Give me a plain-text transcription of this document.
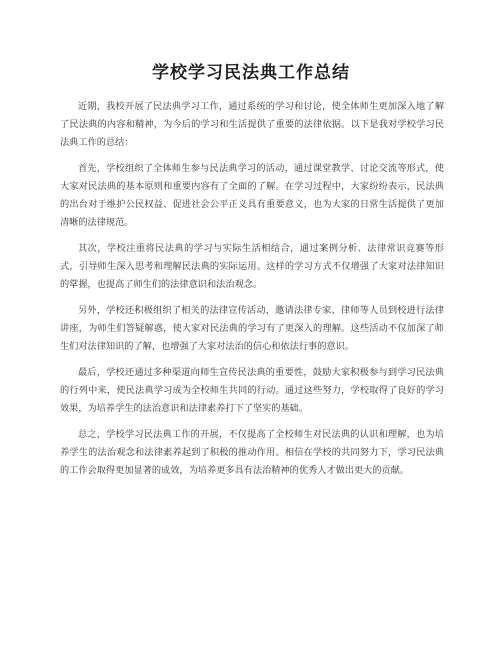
学校学习民法典工作总结

近期，我校开展了民法典学习工作，通过系统的学习和讨论，使全体师生更加深入地了解了民法典的内容和精神，为今后的学习和生活提供了重要的法律依据。以下是我对学校学习民法典工作的总结：

首先，学校组织了全体师生参与民法典学习的活动，通过课堂教学、讨论交流等形式，使大家对民法典的基本原则和重要内容有了全面的了解。在学习过程中，大家纷纷表示，民法典的出台对于维护公民权益、促进社会公平正义具有重要意义，也为大家的日常生活提供了更加清晰的法律规范。

其次，学校注重将民法典的学习与实际生活相结合，通过案例分析、法律常识竞赛等形式，引导师生深入思考和理解民法典的实际运用。这样的学习方式不仅增强了大家对法律知识的掌握，也提高了师生们的法律意识和法治观念。

另外，学校还积极组织了相关的法律宣传活动，邀请法律专家、律师等人员到校进行法律讲座，为师生们答疑解惑，使大家对民法典的学习有了更深入的理解。这些活动不仅加深了师生们对法律知识的了解，也增强了大家对法治的信心和依法行事的意识。

最后，学校还通过多种渠道向师生宣传民法典的重要性，鼓励大家积极参与到学习民法典的行列中来，使民法典学习成为全校师生共同的行动。通过这些努力，学校取得了良好的学习效果，为培养学生的法治意识和法律素养打下了坚实的基础。

总之，学校学习民法典工作的开展，不仅提高了全校师生对民法典的认识和理解，也为培养学生的法治观念和法律素养起到了积极的推动作用。相信在学校的共同努力下，学习民法典的工作会取得更加显著的成效，为培养更多具有法治精神的优秀人才做出更大的贡献。
